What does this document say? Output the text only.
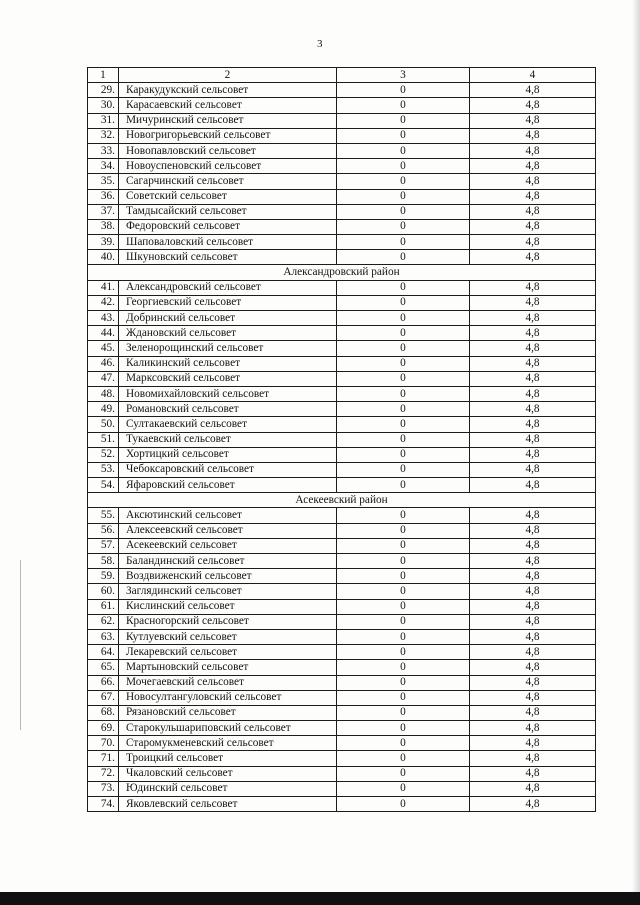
3
1	2	3	4
29.	Каракудукский сельсовет	0	4,8
30.	Карасаевский сельсовет	0	4,8
31.	Мичуринский сельсовет	0	4,8
32.	Новогригорьевский сельсовет	0	4,8
33.	Новопавловский сельсовет	0	4,8
34.	Новоуспеновский сельсовет	0	4,8
35.	Сагарчинский сельсовет	0	4,8
36.	Советский сельсовет	0	4,8
37.	Тамдысайский сельсовет	0	4,8
38.	Федоровский сельсовет	0	4,8
39.	Шаповаловский сельсовет	0	4,8
40.	Шкуновский сельсовет	0	4,8
Александровский район			
41.	Александровский сельсовет	0	4,8
42.	Георгиевский сельсовет	0	4,8
43.	Добринский сельсовет	0	4,8
44.	Ждановский сельсовет	0	4,8
45.	Зеленорощинский сельсовет	0	4,8
46.	Каликинский сельсовет	0	4,8
47.	Марксовский сельсовет	0	4,8
48.	Новомихайловский сельсовет	0	4,8
49.	Романовский сельсовет	0	4,8
50.	Султакаевский сельсовет	0	4,8
51.	Тукаевский сельсовет	0	4,8
52.	Хортицкий сельсовет	0	4,8
53.	Чебоксаровский сельсовет	0	4,8
54.	Яфаровский сельсовет	0	4,8
Асекеевский район			
55.	Аксютинский сельсовет	0	4,8
56.	Алексеевский сельсовет	0	4,8
57.	Асекеевский сельсовет	0	4,8
58.	Баландинский сельсовет	0	4,8
59.	Воздвиженский сельсовет	0	4,8
60.	Заглядинский сельсовет	0	4,8
61.	Кислинский сельсовет	0	4,8
62.	Красногорский сельсовет	0	4,8
63.	Кутлуевский сельсовет	0	4,8
64.	Лекаревский сельсовет	0	4,8
65.	Мартыновский сельсовет	0	4,8
66.	Мочегаевский сельсовет	0	4,8
67.	Новосултангуловский сельсовет	0	4,8
68.	Рязановский сельсовет	0	4,8
69.	Старокульшариповский сельсовет	0	4,8
70.	Старомукменевский сельсовет	0	4,8
71.	Троицкий сельсовет	0	4,8
72.	Чкаловский сельсовет	0	4,8
73.	Юдинский сельсовет	0	4,8
74.	Яковлевский сельсовет	0	4,8
